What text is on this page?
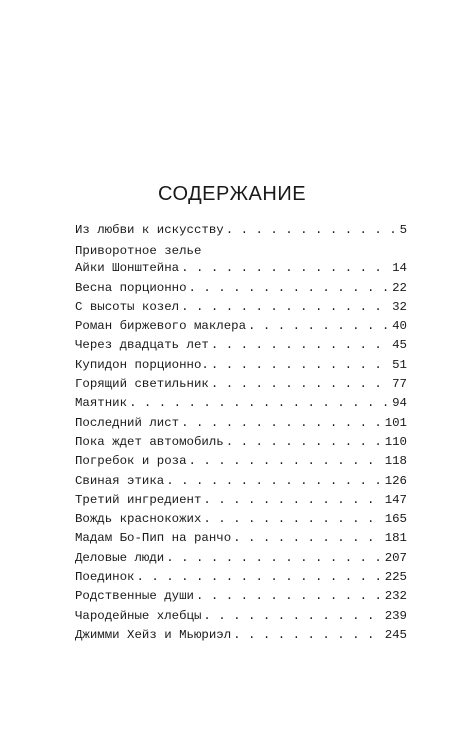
СОДЕРЖАНИЕ
Из любви к искусству . . .	5
Приворотное зелье
Айки Шонштейна . . .	14
Весна порционно . . .	22
С высоты козел . . .	32
Роман биржевого маклера . . .	40
Через двадцать лет . . .	45
Купидон порционно. . . .	51
Горящий светильник . . .	77
Маятник . . .	94
Последний лист . . .	101
Пока ждет автомобиль . . .	110
Погребок и роза . . .	118
Свиная этика . . .	126
Третий ингредиент . . .	147
Вождь краснокожих . . .	165
Мадам Бо-Пип на ранчо . . .	181
Деловые люди . . .	207
Поединок . . .	225
Родственные души . . .	232
Чародейные хлебцы . . .	239
Джимми Хейз и Мьюриэл . . .	245
